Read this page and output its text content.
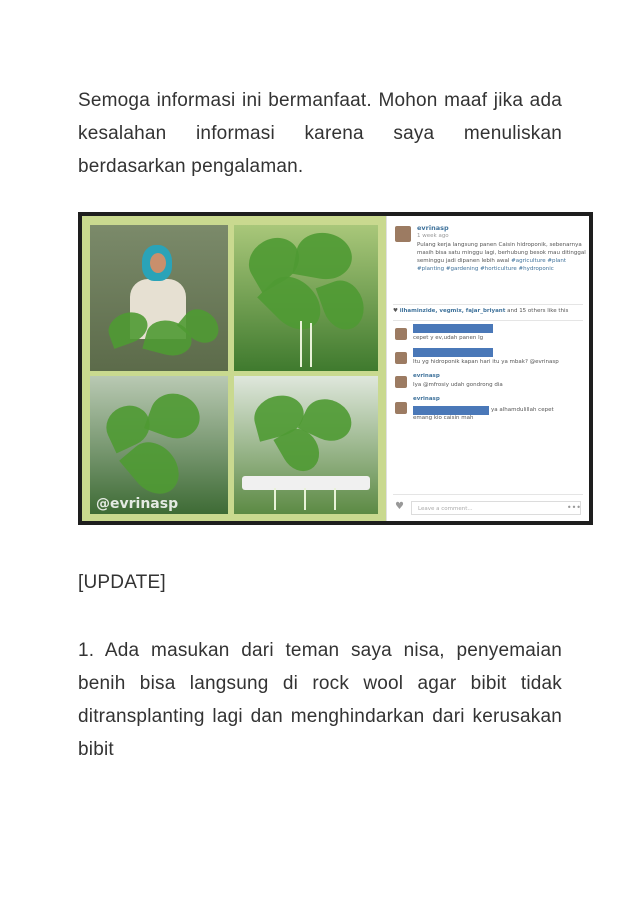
Semoga informasi ini bermanfaat. Mohon maaf jika ada kesalahan informasi karena saya menuliskan berdasarkan pengalaman.

@evrinasp
evrinasp
1 week ago
Pulang kerja langsung panen Caisin hidroponik, sebenarnya masih bisa satu minggu lagi, berhubung besok mau ditinggal seminggu jadi dipanen lebih awal #agriculture #plant #planting #gardening #horticulture #hydroponic
♥ ilhaminzide, vegmix, fajar_briyant and 15 others like this
cepet y ev,udah panen lg
Itu yg hidroponik kapan hari itu ya mbak? @evrinasp
evrinasp
Iya @mfrosiy udah gondrong dia
evrinasp
ya alhamdulillah cepet emang kio caisin mah
♥	Leave a comment...	•••

[UPDATE]

1. Ada masukan dari teman saya nisa, penyemaian benih bisa langsung di rock wool agar bibit tidak ditransplanting lagi dan menghindarkan dari kerusakan bibit
